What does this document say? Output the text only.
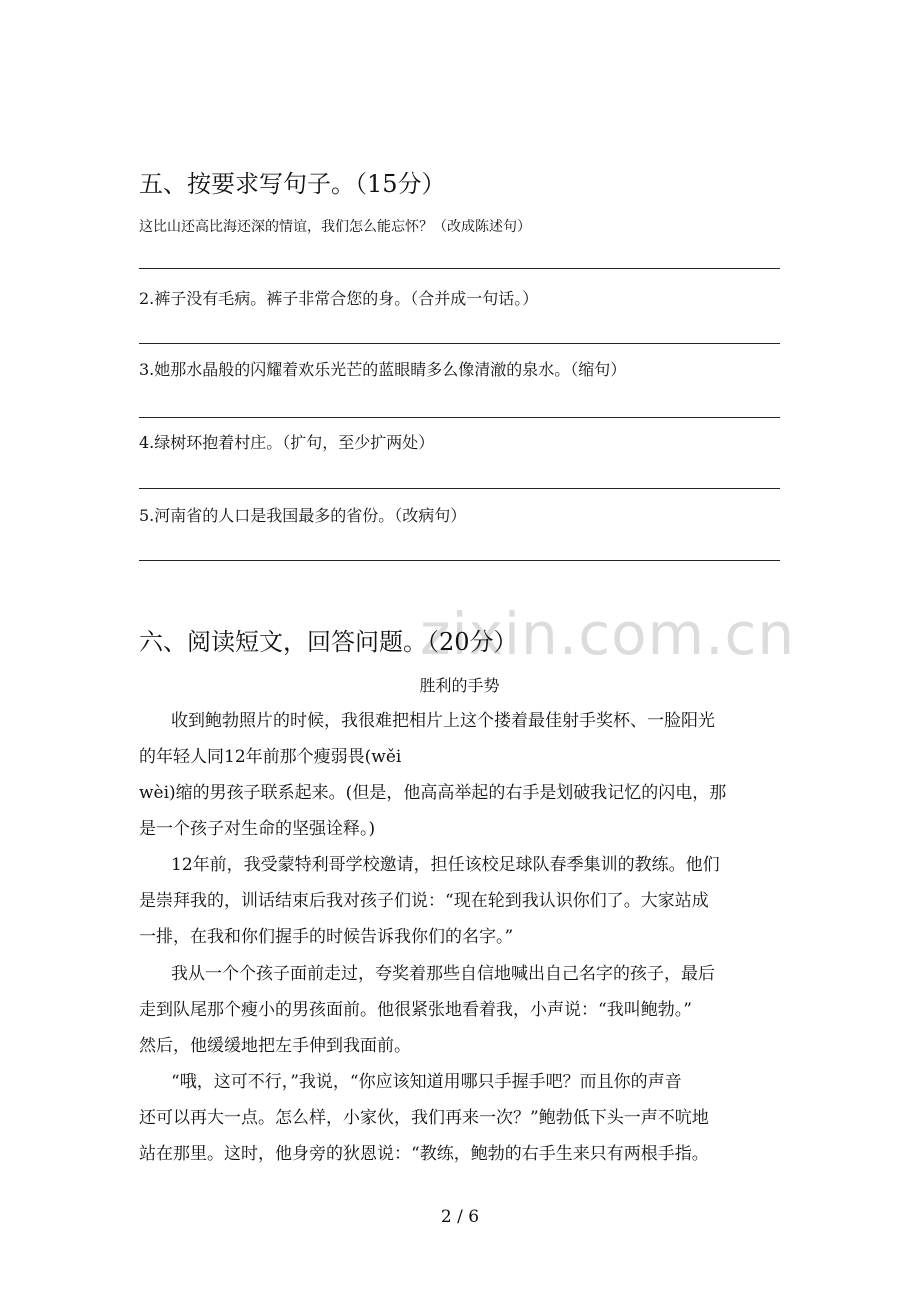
zixin.com.cn
五、按要求写句子。（15分）
这比山还高比海还深的情谊，我们怎么能忘怀？（改成陈述句）
2.裤子没有毛病。裤子非常合您的身。（合并成一句话。）
3.她那水晶般的闪耀着欢乐光芒的蓝眼睛多么像清澈的泉水。（缩句）
4.绿树环抱着村庄。（扩句，至少扩两处）
5.河南省的人口是我国最多的省份。（改病句）
六、阅读短文，回答问题。（20分）
胜利的手势
收到鲍勃照片的时候，我很难把相片上这个搂着最佳射手奖杯、一脸阳光
的年轻人同12年前那个瘦弱畏(wěi
wèi)缩的男孩子联系起来。(但是，他高高举起的右手是划破我记忆的闪电，那
是一个孩子对生命的坚强诠释。)
12年前，我受蒙特利哥学校邀请，担任该校足球队春季集训的教练。他们
是崇拜我的，训话结束后我对孩子们说：“现在轮到我认识你们了。大家站成
一排，在我和你们握手的时候告诉我你们的名字。”
我从一个个孩子面前走过，夸奖着那些自信地喊出自己名字的孩子，最后
走到队尾那个瘦小的男孩面前。他很紧张地看着我，小声说：“我叫鲍勃。”
然后，他缓缓地把左手伸到我面前。
“哦，这可不行，”我说，“你应该知道用哪只手握手吧？而且你的声音
还可以再大一点。怎么样，小家伙，我们再来一次？”鲍勃低下头一声不吭地
站在那里。这时，他身旁的狄恩说：“教练，鲍勃的右手生来只有两根手指。
2 / 6
